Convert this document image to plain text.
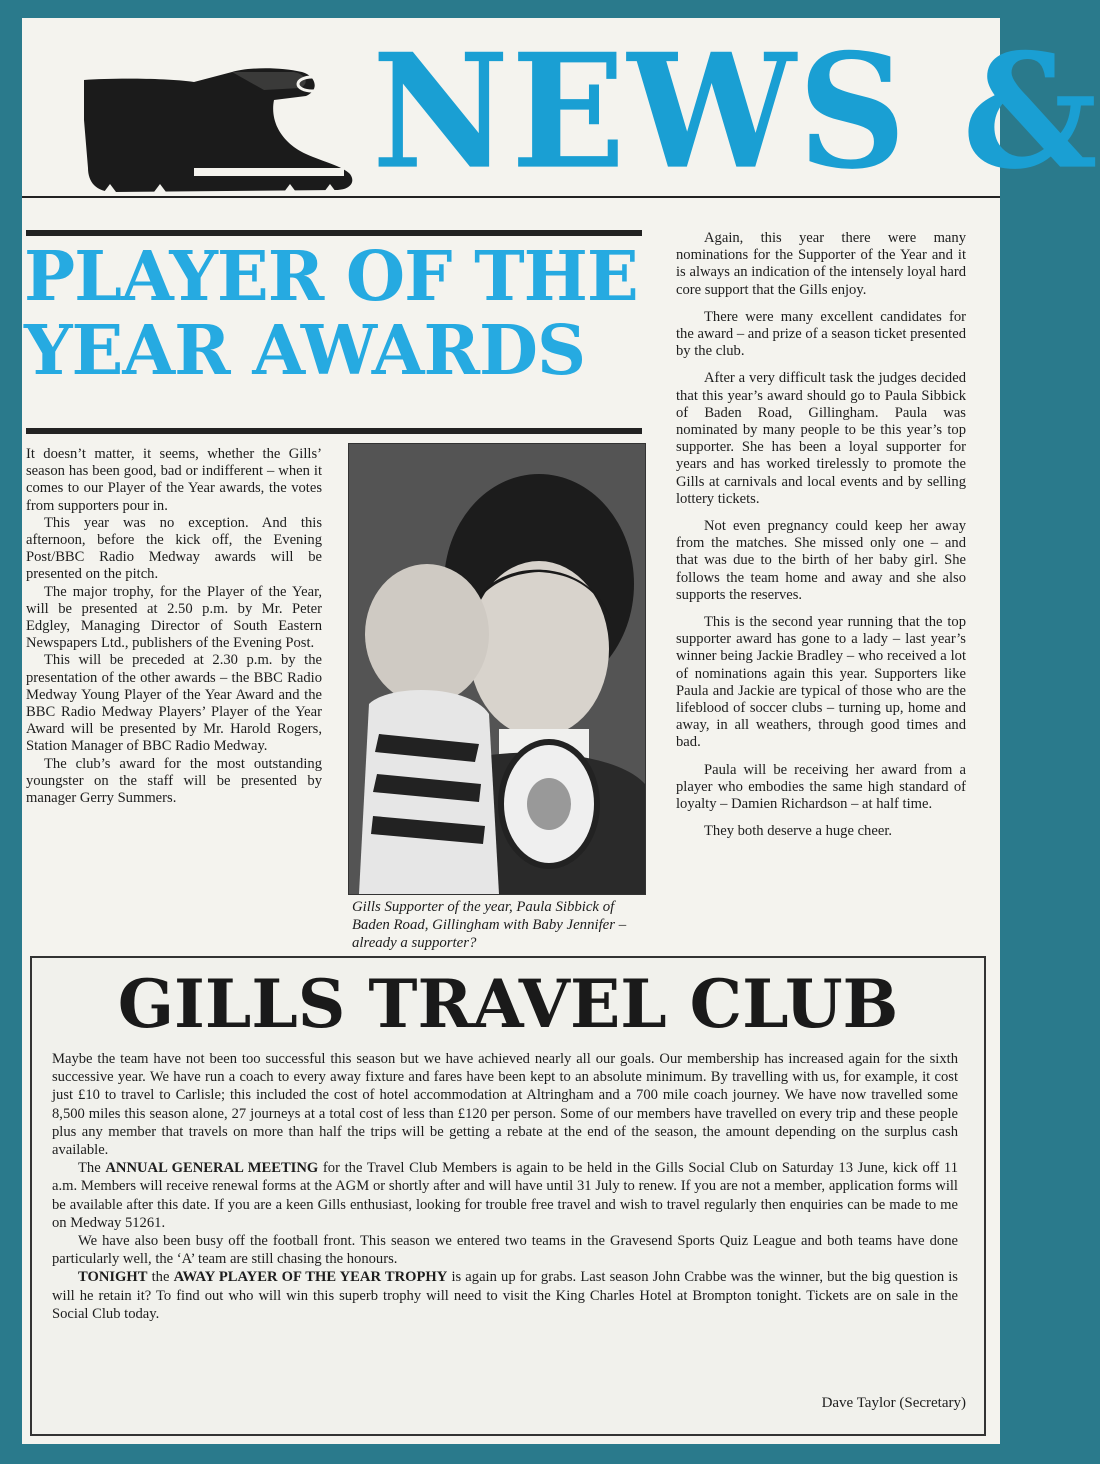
NEWS &
PLAYER OF THE
YEAR AWARDS

It doesn’t matter, it seems, whether the Gills’ season has been good, bad or indifferent – when it comes to our Player of the Year awards, the votes from supporters pour in.

This year was no exception. And this afternoon, before the kick off, the Evening Post/BBC Radio Medway awards will be presented on the pitch.

The major trophy, for the Player of the Year, will be presented at 2.50 p.m. by Mr. Peter Edgley, Managing Director of South Eastern Newspapers Ltd., publishers of the Evening Post.

This will be preceded at 2.30 p.m. by the presentation of the other awards – the BBC Radio Medway Young Player of the Year Award and the BBC Radio Medway Players’ Player of the Year Award will be presented by Mr. Harold Rogers, Station Manager of BBC Radio Medway.

The club’s award for the most outstanding youngster on the staff will be presented by manager Gerry Summers.

Gills Supporter of the year, Paula Sibbick of Baden Road, Gillingham with Baby Jennifer – already a supporter?

Again, this year there were many nominations for the Supporter of the Year and it is always an indication of the intensely loyal hard core support that the Gills enjoy.

There were many excellent candidates for the award – and prize of a season ticket presented by the club.

After a very difficult task the judges decided that this year’s award should go to Paula Sibbick of Baden Road, Gillingham. Paula was nominated by many people to be this year’s top supporter. She has been a loyal supporter for years and has worked tirelessly to promote the Gills at carnivals and local events and by selling lottery tickets.

Not even pregnancy could keep her away from the matches. She missed only one – and that was due to the birth of her baby girl. She follows the team home and away and she also supports the reserves.

This is the second year running that the top supporter award has gone to a lady – last year’s winner being Jackie Bradley – who received a lot of nominations again this year. Supporters like Paula and Jackie are typical of those who are the lifeblood of soccer clubs – turning up, home and away, in all weathers, through good times and bad.

Paula will be receiving her award from a player who embodies the same high standard of loyalty – Damien Richardson – at half time.

They both deserve a huge cheer.

GILLS TRAVEL CLUB

Maybe the team have not been too successful this season but we have achieved nearly all our goals. Our membership has increased again for the sixth successive year. We have run a coach to every away fixture and fares have been kept to an absolute minimum. By travelling with us, for example, it cost just £10 to travel to Carlisle; this included the cost of hotel accommodation at Altringham and a 700 mile coach journey. We have now travelled some 8,500 miles this season alone, 27 journeys at a total cost of less than £120 per person. Some of our members have travelled on every trip and these people plus any member that travels on more than half the trips will be getting a rebate at the end of the season, the amount depending on the surplus cash available.

The ANNUAL GENERAL MEETING for the Travel Club Members is again to be held in the Gills Social Club on Saturday 13 June, kick off 11 a.m. Members will receive renewal forms at the AGM or shortly after and will have until 31 July to renew. If you are not a member, application forms will be available after this date. If you are a keen Gills enthusiast, looking for trouble free travel and wish to travel regularly then enquiries can be made to me on Medway 51261.

We have also been busy off the football front. This season we entered two teams in the Gravesend Sports Quiz League and both teams have done particularly well, the ‘A’ team are still chasing the honours.

TONIGHT the AWAY PLAYER OF THE YEAR TROPHY is again up for grabs. Last season John Crabbe was the winner, but the big question is will he retain it? To find out who will win this superb trophy will need to visit the King Charles Hotel at Brompton tonight. Tickets are on sale in the Social Club today.

Dave Taylor (Secretary)
